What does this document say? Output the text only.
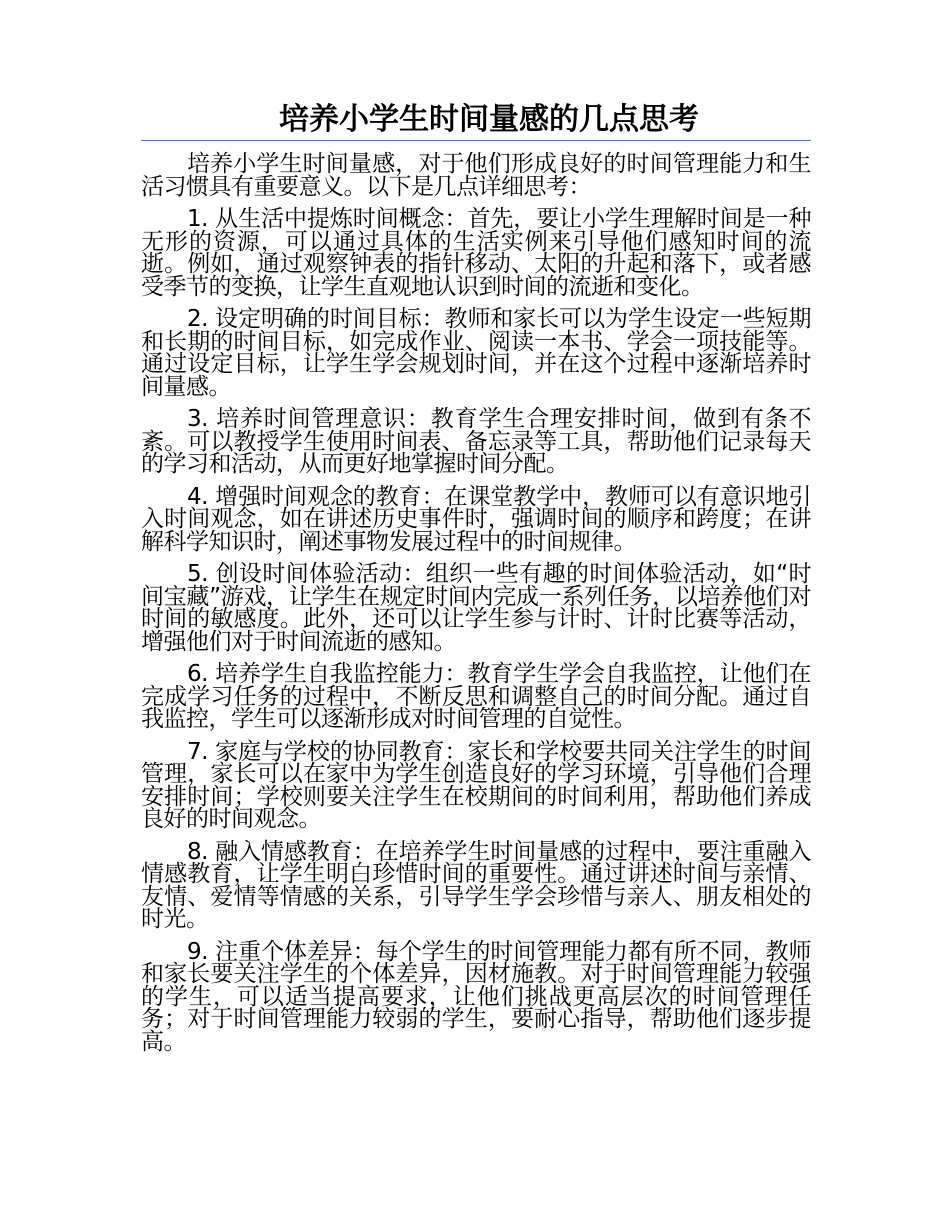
培养小学生时间量感的几点思考

培养小学生时间量感，对于他们形成良好的时间管理能力和生活习惯具有重要意义。以下是几点详细思考：

1. 从生活中提炼时间概念：首先，要让小学生理解时间是一种无形的资源，可以通过具体的生活实例来引导他们感知时间的流逝。例如，通过观察钟表的指针移动、太阳的升起和落下，或者感受季节的变换，让学生直观地认识到时间的流逝和变化。

2. 设定明确的时间目标：教师和家长可以为学生设定一些短期和长期的时间目标，如完成作业、阅读一本书、学会一项技能等。通过设定目标，让学生学会规划时间，并在这个过程中逐渐培养时间量感。

3. 培养时间管理意识：教育学生合理安排时间，做到有条不紊。可以教授学生使用时间表、备忘录等工具，帮助他们记录每天的学习和活动，从而更好地掌握时间分配。

4. 增强时间观念的教育：在课堂教学中，教师可以有意识地引入时间观念，如在讲述历史事件时，强调时间的顺序和跨度；在讲解科学知识时，阐述事物发展过程中的时间规律。

5. 创设时间体验活动：组织一些有趣的时间体验活动，如“时间宝藏”游戏，让学生在规定时间内完成一系列任务，以培养他们对时间的敏感度。此外，还可以让学生参与计时、计时比赛等活动，增强他们对于时间流逝的感知。

6. 培养学生自我监控能力：教育学生学会自我监控，让他们在完成学习任务的过程中，不断反思和调整自己的时间分配。通过自我监控，学生可以逐渐形成对时间管理的自觉性。

7. 家庭与学校的协同教育：家长和学校要共同关注学生的时间管理，家长可以在家中为学生创造良好的学习环境，引导他们合理安排时间；学校则要关注学生在校期间的时间利用，帮助他们养成良好的时间观念。

8. 融入情感教育：在培养学生时间量感的过程中，要注重融入情感教育，让学生明白珍惜时间的重要性。通过讲述时间与亲情、友情、爱情等情感的关系，引导学生学会珍惜与亲人、朋友相处的时光。

9. 注重个体差异：每个学生的时间管理能力都有所不同，教师和家长要关注学生的个体差异，因材施教。对于时间管理能力较强的学生，可以适当提高要求，让他们挑战更高层次的时间管理任务；对于时间管理能力较弱的学生，要耐心指导，帮助他们逐步提高。
